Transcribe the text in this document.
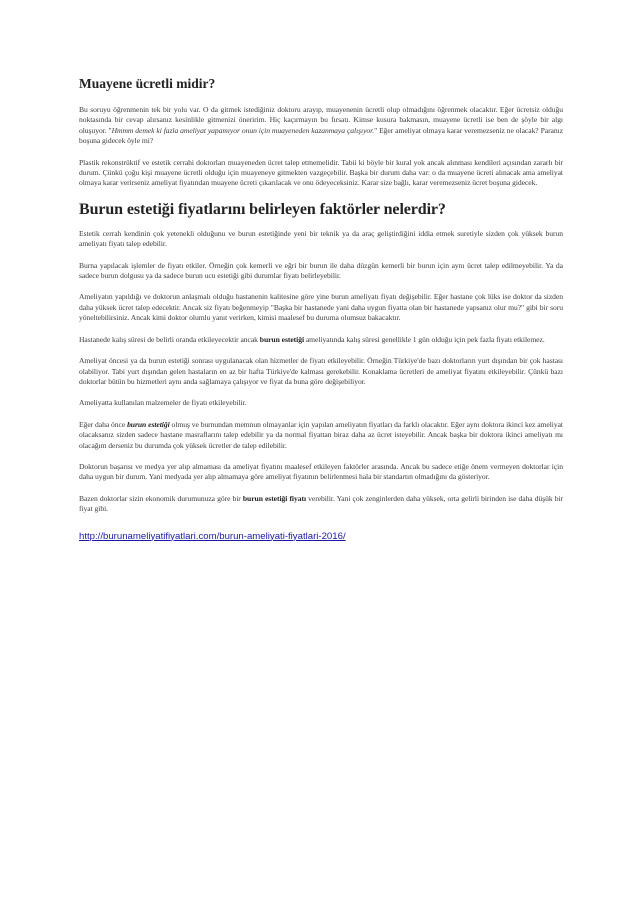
Muayene ücretli midir?

Bu soruyu öğrenmenin tek bir yolu var. O da gitmek istediğiniz doktoru arayıp, muayenenin ücretli olup olmadığını öğrenmek olacaktır. Eğer ücretsiz olduğu noktasında bir cevap alırsanız kesinlikle gitmenizi öneririm. Hiç kaçırmayın bu fırsatı. Kimse kusura bakmasın, muayene ücretli ise ben de şöyle bir algı oluşuyor. "Hmmm demek ki fazla ameliyat yapamıyor onun için muayeneden kazanmaya çalışıyor." Eğer ameliyat olmaya karar veremezseniz ne olacak? Paranız boşuna gidecek öyle mi?

Plastik rekonstrüktif ve estetik cerrahi doktorları muayeneden ücret talep etmemelidir. Tabii ki böyle bir kural yok ancak alınması kendileri açısından zararlı bir durum. Çünkü çoğu kişi muayene ücretli olduğu için muayeneye gitmekten vazgeçebilir. Başka bir durum daha var: o da muayene ücreti alınacak ama ameliyat olmaya karar verirseniz ameliyat fiyatından muayene ücreti çıkarılacak ve onu ödeyeceksiniz. Karar size bağlı, karar veremezseniz ücret boşuna gidecek.

Burun estetiği fiyatlarını belirleyen faktörler nelerdir?

Estetik cerrah kendinin çok yetenekli olduğunu ve burun estetiğinde yeni bir teknik ya da araç geliştirdiğini iddia etmek suretiyle sizden çok yüksek burun ameliyatı fiyatı talep edebilir.

Burna yapılacak işlemler de fiyatı etkiler. Örneğin çok kemerli ve eğri bir burun ile daha düzgün kemerli bir burun için aynı ücret talep edilmeyebilir. Ya da sadece burun dolgusu ya da sadece burun ucu estetiği gibi durumlar fiyatı belirleyebilir.

Ameliyatın yapıldığı ve doktorun anlaşmalı olduğu hastanenin kalitesine göre yine burun ameliyatı fiyatı değişebilir. Eğer hastane çok lüks ise doktor da sizden daha yüksek ücret talep edecektir. Ancak siz fiyatı beğenmeyip "Başka bir hastanede yani daha uygun fiyatta olan bir hastanede yapsanız olur mu?" gibi bir soru yöneltebilirsiniz. Ancak kimi doktor olumlu yanıt verirken, kimisi maalesef bu duruma olumsuz bakacaktır.

Hastanede kalış süresi de belirli oranda etkileyecektir ancak burun estetiği ameliyatında kalış süresi genellikle 1 gün olduğu için pek fazla fiyatı etkilemez.

Ameliyat öncesi ya da burun estetiği sonrası uygulanacak olan hizmetler de fiyatı etkileyebilir. Örneğin Türkiye'de bazı doktorların yurt dışından bir çok hastası olabiliyor. Tabi yurt dışından gelen hastaların en az bir hafta Türkiye'de kalması gerekebilir. Konaklama ücretleri de ameliyat fiyatını etkileyebilir. Çünkü bazı doktorlar bütün bu hizmetleri aynı anda sağlamaya çalışıyor ve fiyat da buna göre değişebiliyor.

Ameliyatta kullanılan malzemeler de fiyatı etkileyebilir.

Eğer daha önce burun estetiği olmuş ve burnundan memnun olmayanlar için yapılan ameliyatın fiyatları da farklı olacaktır. Eğer aynı doktora ikinci kez ameliyat olacaksanız sizden sadece hastane masraflarını talep edebilir ya da normal fiyattan biraz daha az ücret isteyebilir. Ancak başka bir doktora ikinci ameliyatı mı olacağım derseniz bu durumda çok yüksek ücretler de talep edilebilir.

Doktorun başarısı ve medya yer alıp almaması da ameliyat fiyatını maalesef etkileyen faktörler arasında. Ancak bu sadece etiğe önem vermeyen doktorlar için daha uygun bir durum. Yani medyada yer alıp almamaya göre ameliyat fiyatının belirlenmesi hala bir standartın olmadığını da gösteriyor.

Bazen doktorlar sizin ekonomik durumunuza göre bir burun estetiği fiyatı verebilir. Yani çok zenginlerden daha yüksek, orta gelirli birinden ise daha düşük bir fiyat gibi.

http://burunameliyatifiyatlari.com/burun-ameliyati-fiyatlari-2016/
